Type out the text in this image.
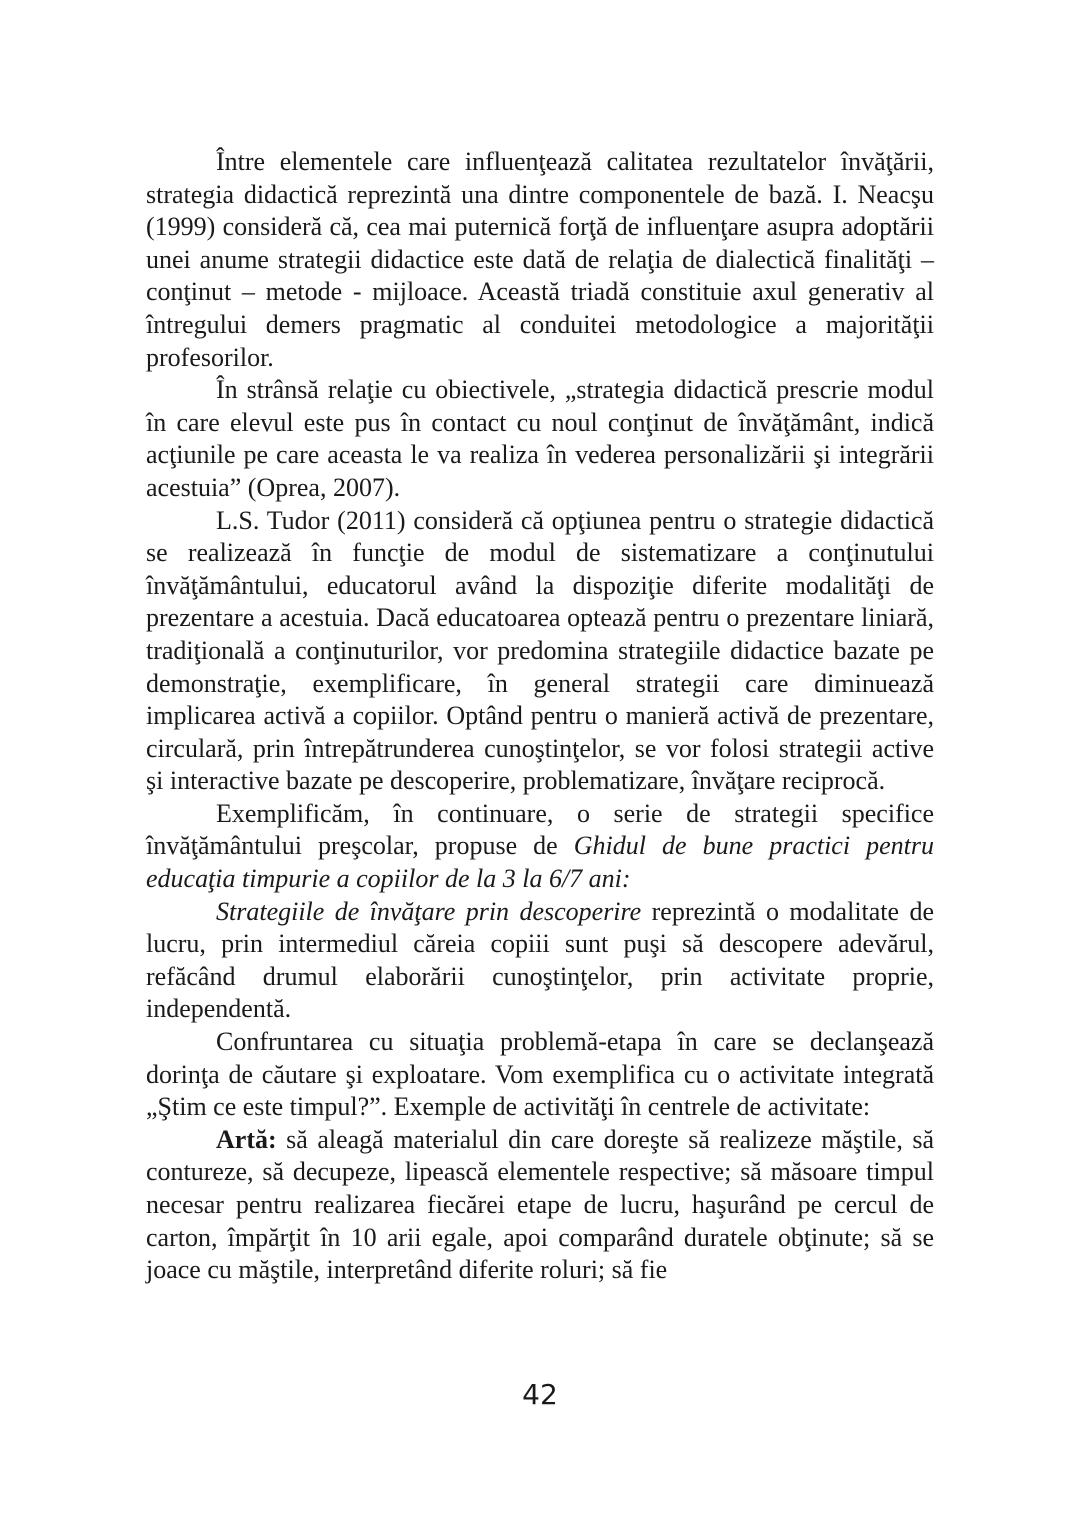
Între elementele care influenţează calitatea rezultatelor învăţării, strategia didactică reprezintă una dintre componentele de bază. I. Neacşu (1999) consideră că, cea mai puternică forţă de influenţare asupra adoptării unei anume strategii didactice este dată de relaţia de dialectică finalităţi – conţinut – metode - mijloace. Această triadă constituie axul generativ al întregului demers pragmatic al conduitei metodologice a majorităţii profesorilor.

În strânsă relaţie cu obiectivele, „strategia didactică prescrie modul în care elevul este pus în contact cu noul conţinut de învăţământ, indică acţiunile pe care aceasta le va realiza în vederea personalizării şi integrării acestuia” (Oprea, 2007).

L.S. Tudor (2011) consideră că opţiunea pentru o strategie didactică se realizează în funcţie de modul de sistematizare a conţinutului învăţământului, educatorul având la dispoziţie diferite modalităţi de prezentare a acestuia. Dacă educatoarea optează pentru o prezentare liniară, tradiţională a conţinuturilor, vor predomina strategiile didactice bazate pe demonstraţie, exemplificare, în general strategii care diminuează implicarea activă a copiilor. Optând pentru o manieră activă de prezentare, circulară, prin întrepătrunderea cunoştinţelor, se vor folosi strategii active şi interactive bazate pe descoperire, problematizare, învăţare reciprocă.

Exemplificăm, în continuare, o serie de strategii specifice învăţământului preşcolar, propuse de Ghidul de bune practici pentru educaţia timpurie a copiilor de la 3 la 6/7 ani:

Strategiile de învăţare prin descoperire reprezintă o modalitate de lucru, prin intermediul căreia copiii sunt puşi să descopere adevărul, refăcând drumul elaborării cunoştinţelor, prin activitate proprie, independentă.

Confruntarea cu situaţia problemă-etapa în care se declanşează dorinţa de căutare şi exploatare. Vom exemplifica cu o activitate integrată „Ştim ce este timpul?”. Exemple de activităţi în centrele de activitate:

Artă: să aleagă materialul din care doreşte să realizeze măştile, să contureze, să decupeze, lipească elementele respective; să măsoare timpul necesar pentru realizarea fiecărei etape de lucru, haşurând pe cercul de carton, împărţit în 10 arii egale, apoi comparând duratele obţinute; să se joace cu măştile, interpretând diferite roluri; să fie

42
